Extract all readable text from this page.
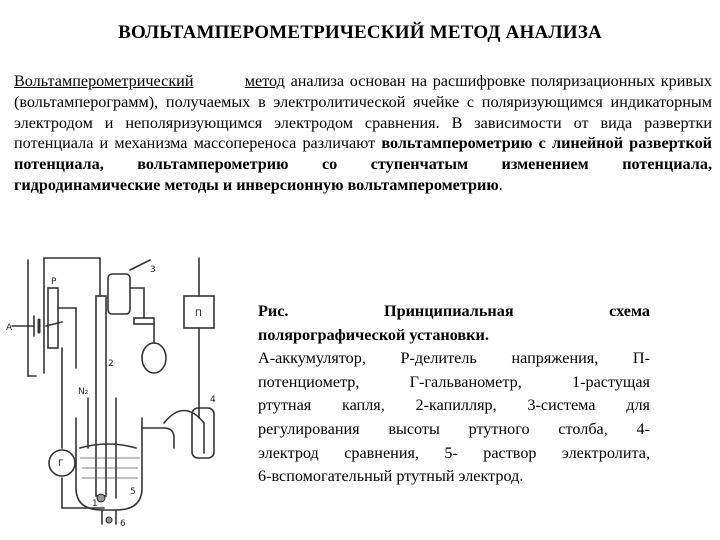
ВОЛЬТАМПЕРОМЕТРИЧЕСКИЙ МЕТОД АНАЛИЗА
Вольтамперометрический	метод анализа основан на расшифровке поляризационных кривых (вольтамперограмм), получаемых в электролитической ячейке с поляризующимся индикаторным электродом и неполяризующимся электродом сравнения. В зависимости от вида развертки потенциала и механизма массопереноса различают вольтамперометрию с линейной разверткой потенциала, вольтамперометрию со ступенчатым изменением потенциала, гидродинамические методы и инверсионную вольтамперометрию.
А
P
П
Г
N₂
1
2
3
4
5
6
Рис.	Принципиальная	схема
полярографической установки.
А-аккумулятор, Р-делитель напряжения, П-
потенциометр, Г-гальванометр, 1-растущая
ртутная капля, 2-капилляр, 3-система для
регулирования высоты ртутного столба, 4-
электрод сравнения, 5- раствор электролита,
6-вспомогательный ртутный электрод.
